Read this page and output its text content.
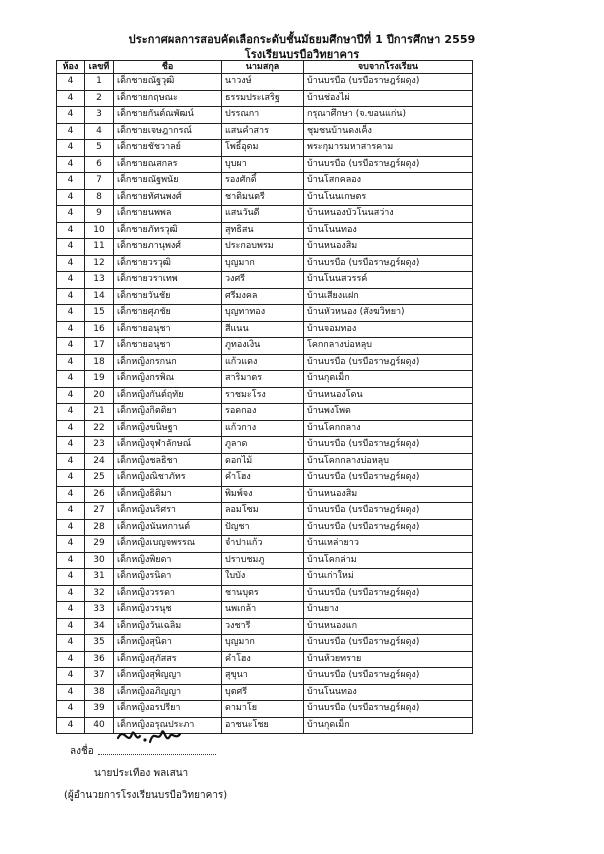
ประกาศผลการสอบคัดเลือกระดับชั้นมัธยมศึกษาปีที่ 1 ปีการศึกษา 2559
โรงเรียนบรบือวิทยาคาร
ห้อง	เลขที่	ชื่อ	นามสกุล	จบจากโรงเรียน
4	1	เด็กชายณัฐวุฒิ	นาวงษ์	บ้านบรบือ (บรบือราษฎร์ผดุง)
4	2	เด็กชายกฤษณะ	ธรรมประเสริฐ	บ้านช่องไผ่
4	3	เด็กชายกันต์ณพัฒน์	ปรรณกา	กรุณาศึกษา (จ.ขอนแก่น)
4	4	เด็กชายเจษฎากรณ์	แสนคำสาร	ชุมชนบ้านดงเค็ง
4	5	เด็กชายชัชวาลย์	โพธิ์อุดม	พระกุมารมหาสารคาม
4	6	เด็กชายณสกลร	บุบผา	บ้านบรบือ (บรบือราษฎร์ผดุง)
4	7	เด็กชายณัฐพนัย	รองศักดิ์	บ้านโสกคลอง
4	8	เด็กชายทัศนพงศ์	ชาติมนตรี	บ้านโนนเกษตร
4	9	เด็กชายนพพล	แสนวันดี	บ้านหนองบัวโนนสว่าง
4	10	เด็กชายภัทรวุฒิ	สุทธิสน	บ้านโนนทอง
4	11	เด็กชายภานุพงศ์	ประกอบพรม	บ้านหนองสิม
4	12	เด็กชายวรวุฒิ	บุญมาก	บ้านบรบือ (บรบือราษฎร์ผดุง)
4	13	เด็กชายวราเทพ	วงศรี	บ้านโนนสวรรค์
4	14	เด็กชายวันชัย	ศรีมงคล	บ้านเสียงแฝก
4	15	เด็กชายศุภชัย	บุญทาทอง	บ้านหัวหนอง (สังฆวิทยา)
4	16	เด็กชายอนุชา	สีแนน	บ้านจอมทอง
4	17	เด็กชายอนุชา	ภูทองเงิน	โคกกลางบ่อหลุบ
4	18	เด็กหญิงกรกนก	แก้วแดง	บ้านบรบือ (บรบือราษฎร์ผดุง)
4	19	เด็กหญิงกรพิณ	สาริมาตร	บ้านกุดเม็ก
4	20	เด็กหญิงกันต์ฤทัย	ราชมะโรง	บ้านหนองโดน
4	21	เด็กหญิงกิตติยา	รอดกอง	บ้านพงโพด
4	22	เด็กหญิงขนิษฐา	แก้วกาง	บ้านโคกกลาง
4	23	เด็กหญิงจุฬาลักษณ์	ภูลาด	บ้านบรบือ (บรบือราษฎร์ผดุง)
4	24	เด็กหญิงชลธิชา	ดอกไม้	บ้านโคกกลางบ่อหลุบ
4	25	เด็กหญิงณิชาภัทร	คำโฮง	บ้านบรบือ (บรบือราษฎร์ผดุง)
4	26	เด็กหญิงธิติมา	พิมพ์จง	บ้านหนองสิม
4	27	เด็กหญิงนริศรา	ลอมโซม	บ้านบรบือ (บรบือราษฎร์ผดุง)
4	28	เด็กหญิงนันทกานต์	ปัญชา	บ้านบรบือ (บรบือราษฎร์ผดุง)
4	29	เด็กหญิงเบญจพรรณ	จำปาแก้ว	บ้านเหล่ายาว
4	30	เด็กหญิงพิยดา	ปราบชมภู	บ้านโคกล่าม
4	31	เด็กหญิงรนิดา	ใบบัง	บ้านเก่าใหม่
4	32	เด็กหญิงวรรดา	ชานบุตร	บ้านบรบือ (บรบือราษฎร์ผดุง)
4	33	เด็กหญิงวรนุช	นพเกล้า	บ้านยาง
4	34	เด็กหญิงวันเฉลิม	วงชารี	บ้านหนองแก
4	35	เด็กหญิงสุนิดา	บุญมาก	บ้านบรบือ (บรบือราษฎร์ผดุง)
4	36	เด็กหญิงสุภัสสร	คำโฮง	บ้านห้วยทราย
4	37	เด็กหญิงสุพิญญา	สุขุนา	บ้านบรบือ (บรบือราษฎร์ผดุง)
4	38	เด็กหญิงอภิญญา	บุตศรี	บ้านโนนทอง
4	39	เด็กหญิงอรปรียา	ดามาโย	บ้านบรบือ (บรบือราษฎร์ผดุง)
4	40	เด็กหญิงอรุณประภา	อาชนะโชย	บ้านกุดเม็ก
ลงชื่อ
นายประเทือง พลเสนา
(ผู้อำนวยการโรงเรียนบรบือวิทยาคาร)
